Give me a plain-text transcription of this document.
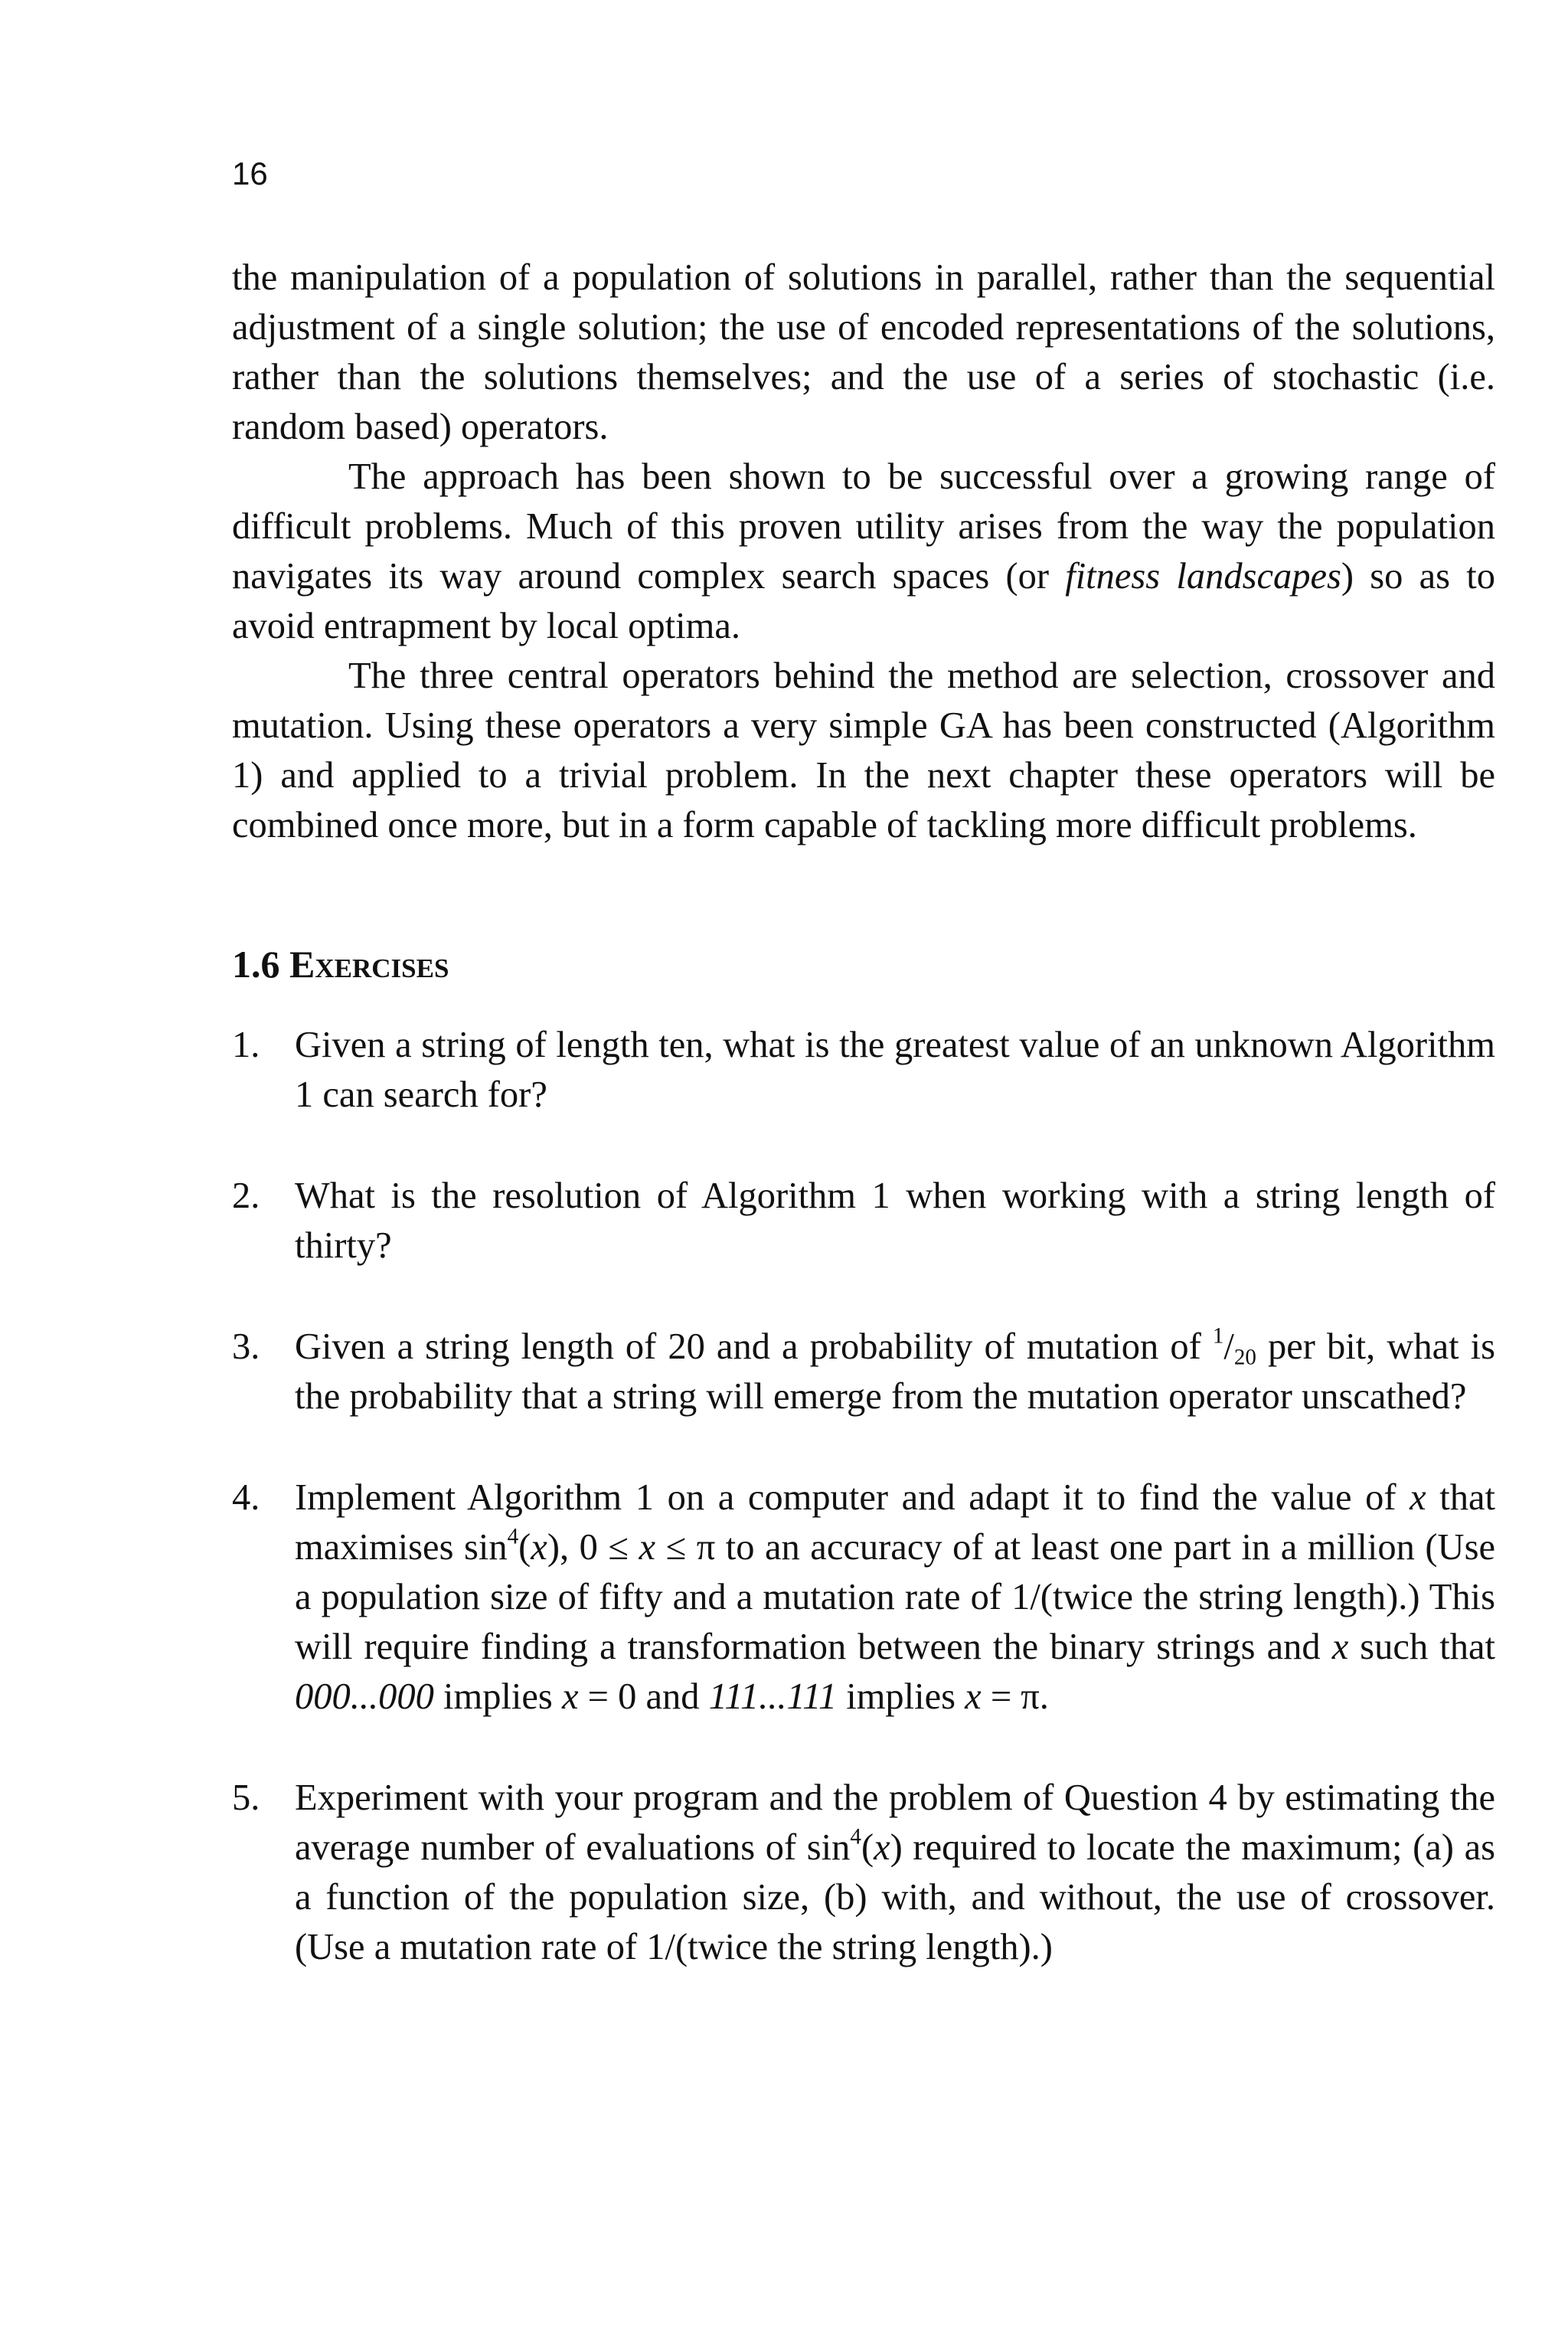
16

the manipulation of a population of solutions in parallel, rather than the sequential adjustment of a single solution; the use of encoded representations of the solutions, rather than the solutions themselves; and the use of a series of stochastic (i.e. random based) operators.

The approach has been shown to be successful over a growing range of difficult problems. Much of this proven utility arises from the way the population navigates its way around complex search spaces (or fitness landscapes) so as to avoid entrapment by local optima.

The three central operators behind the method are selection, crossover and mutation. Using these operators a very simple GA has been constructed (Algorithm 1) and applied to a trivial problem. In the next chapter these operators will be combined once more, but in a form capable of tackling more difficult problems.

1.6 Exercises
1. Given a string of length ten, what is the greatest value of an unknown Algorithm 1 can search for?
2. What is the resolution of Algorithm 1 when working with a string length of thirty?
3. Given a string length of 20 and a probability of mutation of $^1/_{20}$ per bit, what is the probability that a string will emerge from the mutation operator unscathed?
4. Implement Algorithm 1 on a computer and adapt it to find the value of x that maximises $\sin^4(x)$, 0 ≤ x ≤ π to an accuracy of at least one part in a million (Use a population size of fifty and a mutation rate of 1/(twice the string length).) This will require finding a transformation between the binary strings and x such that 000...000 implies x = 0 and 111...111 implies x = π.
5. Experiment with your program and the problem of Question 4 by estimating the average number of evaluations of $\sin^4(x)$ required to locate the maximum; (a) as a function of the population size, (b) with, and without, the use of crossover. (Use a mutation rate of 1/(twice the string length).)
